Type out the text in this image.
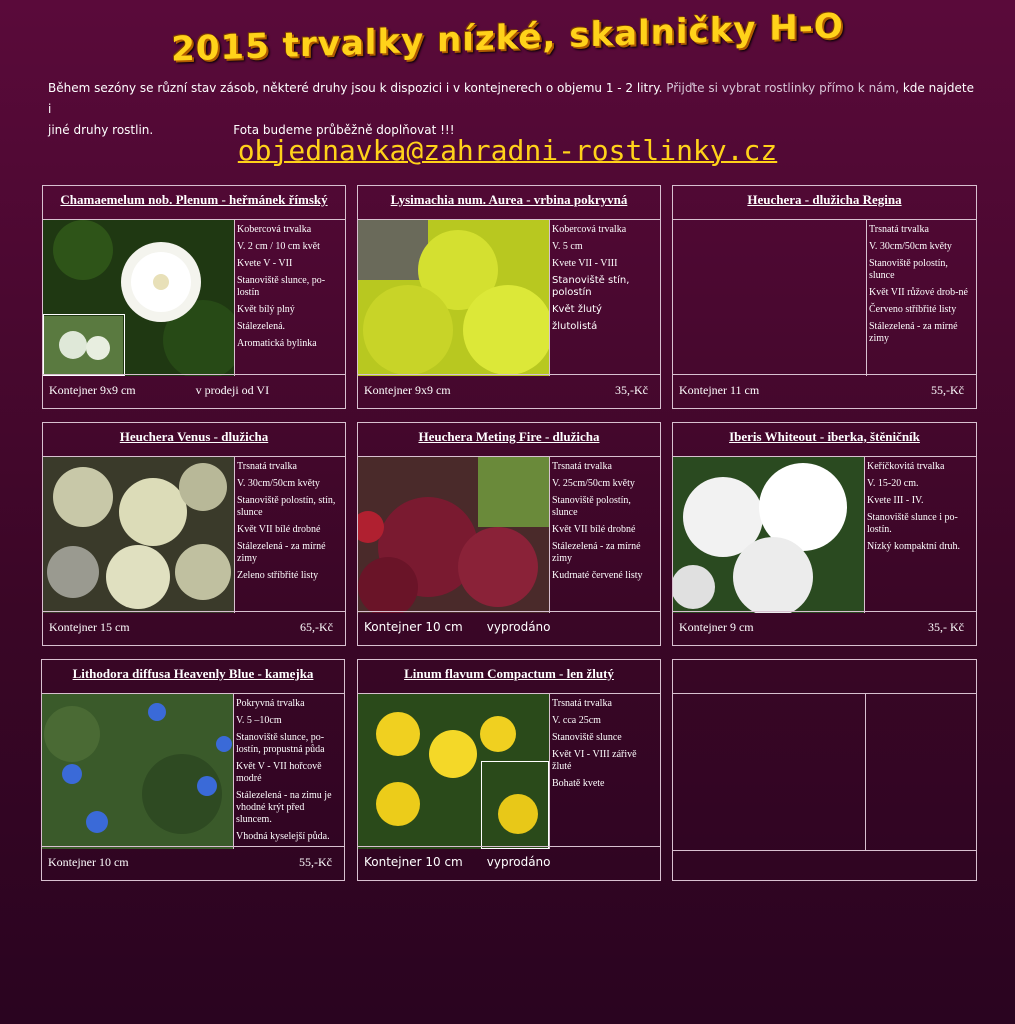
2015 trvalky nízké, skalničky H-O
Během sezóny se různí stav zásob, některé druhy jsou k dispozici i v kontejnerech o objemu 1 - 2 litry. Přijďte si vybrat rostlinky přímo k nám, kde najdete i
jiné druhy rostlin.	Fota budeme průběžně doplňovat !!!
objednavka@zahradni-rostlinky.cz
Chamaemelum nob. Plenum - heřmánek římský
Kobercová trvalka
V. 2 cm / 10 cm květ
Kvete V - VII
Stanoviště slunce, po-lostín
Květ bílý plný
Stálezelená.
Aromatická bylinka
Kontejner 9x9 cm	v prodeji od VI
Lysimachia num. Aurea - vrbina pokryvná
Kobercová trvalka
V. 5 cm
Kvete VII - VIII
Stanoviště stín, polostín
Květ žlutý
žlutolistá
Kontejner 9x9 cm	35,-Kč
Heuchera - dlužicha Regina
Trsnatá trvalka
V. 30cm/50cm květy
Stanoviště polostín, slunce
Květ VII růžové drob-né
Červeno stříbřité listy
Stálezelená - za mírné zimy
Kontejner 11 cm	55,-Kč
Heuchera Venus - dlužicha
Trsnatá trvalka
V. 30cm/50cm květy
Stanoviště polostín, stín, slunce
Květ VII bílé drobné
Stálezelená - za mírné zimy
Zeleno stříbřité listy
Kontejner 15 cm	65,-Kč
Heuchera Meting Fire - dlužicha
Trsnatá trvalka
V. 25cm/50cm květy
Stanoviště polostín, slunce
Květ VII bílé drobné
Stálezelená - za mírné zimy
Kudrnaté červené listy
Kontejner 10 cm vyprodáno
Iberis Whiteout - iberka, štěničník
Keříčkovitá trvalka
V. 15-20 cm.
Kvete III - IV.
Stanoviště slunce i po-lostín.
Nízký kompaktní druh.
Kontejner 9 cm	35,- Kč
Lithodora diffusa Heavenly Blue - kamejka
Pokryvná trvalka
V. 5 –10cm
Stanoviště slunce, po-lostín, propustná půda
Květ V - VII hořcově modré
Stálezelená - na zimu je vhodné krýt před sluncem.
Vhodná kyselejší půda.
Kontejner 10 cm	55,-Kč
Linum flavum Compactum - len žlutý
Trsnatá trvalka
V. cca 25cm
Stanoviště slunce
Květ VI - VIII zářivě žluté
Bohatě kvete
Kontejner 10 cm vyprodáno
